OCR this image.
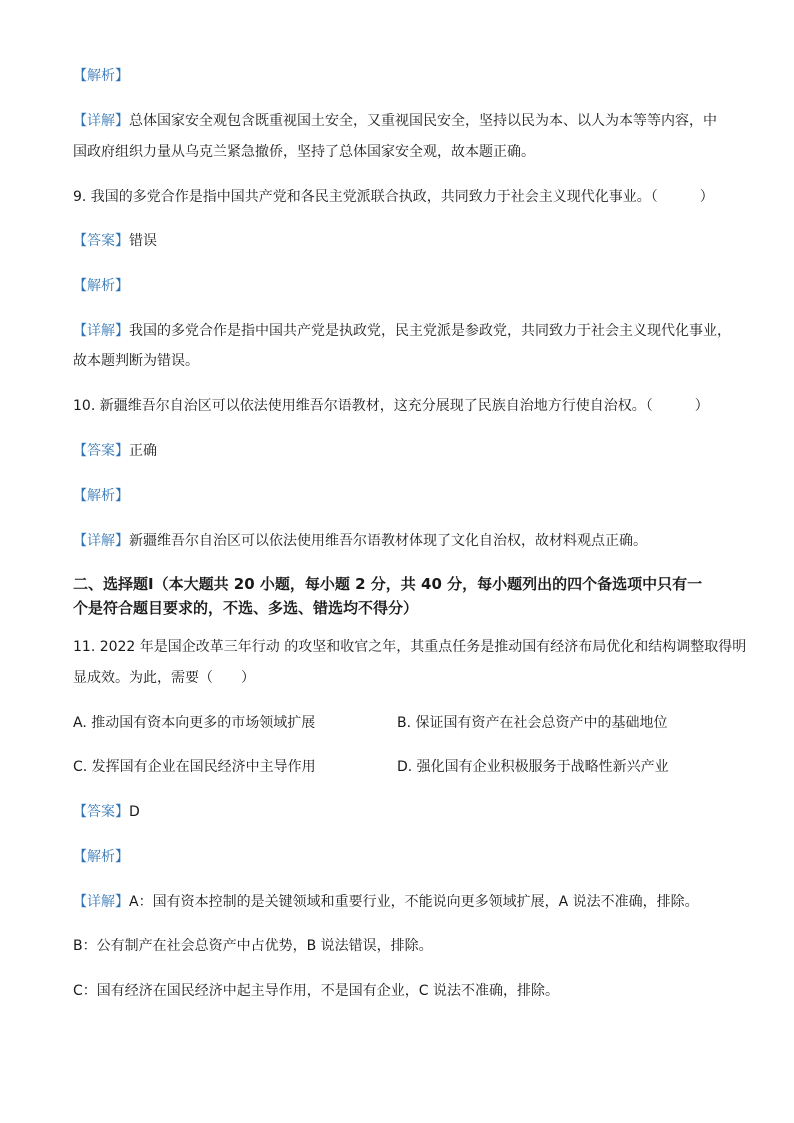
【解析】
【详解】总体国家安全观包含既重视国土安全，又重视国民安全，坚持以民为本、以人为本等等内容，中
国政府组织力量从乌克兰紧急撤侨，坚持了总体国家安全观，故本题正确。
9. 我国的多党合作是指中国共产党和各民主党派联合执政，共同致力于社会主义现代化事业。（　　　）
【答案】错误
【解析】
【详解】我国的多党合作是指中国共产党是执政党，民主党派是参政党，共同致力于社会主义现代化事业，
故本题判断为错误。
10. 新疆维吾尔自治区可以依法使用维吾尔语教材，这充分展现了民族自治地方行使自治权。（　　　）
【答案】正确
【解析】
【详解】新疆维吾尔自治区可以依法使用维吾尔语教材体现了文化自治权，故材料观点正确。
二、选择题Ⅰ（本大题共 20 小题，每小题 2 分，共 40 分，每小题列出的四个备选项中只有一
个是符合题目要求的，不选、多选、错选均不得分）
11. 2022 年是国企改革三年行动 的攻坚和收官之年，其重点任务是推动国有经济布局优化和结构调整取得明
显成效。为此，需要（　　）
A. 推动国有资本向更多的市场领域扩展	B. 保证国有资产在社会总资产中的基础地位
C. 发挥国有企业在国民经济中主导作用	D. 强化国有企业积极服务于战略性新兴产业
【答案】D
【解析】
【详解】A：国有资本控制的是关键领域和重要行业，不能说向更多领域扩展，A 说法不准确，排除。
B：公有制产在社会总资产中占优势，B 说法错误，排除。
C：国有经济在国民经济中起主导作用，不是国有企业，C 说法不准确，排除。
